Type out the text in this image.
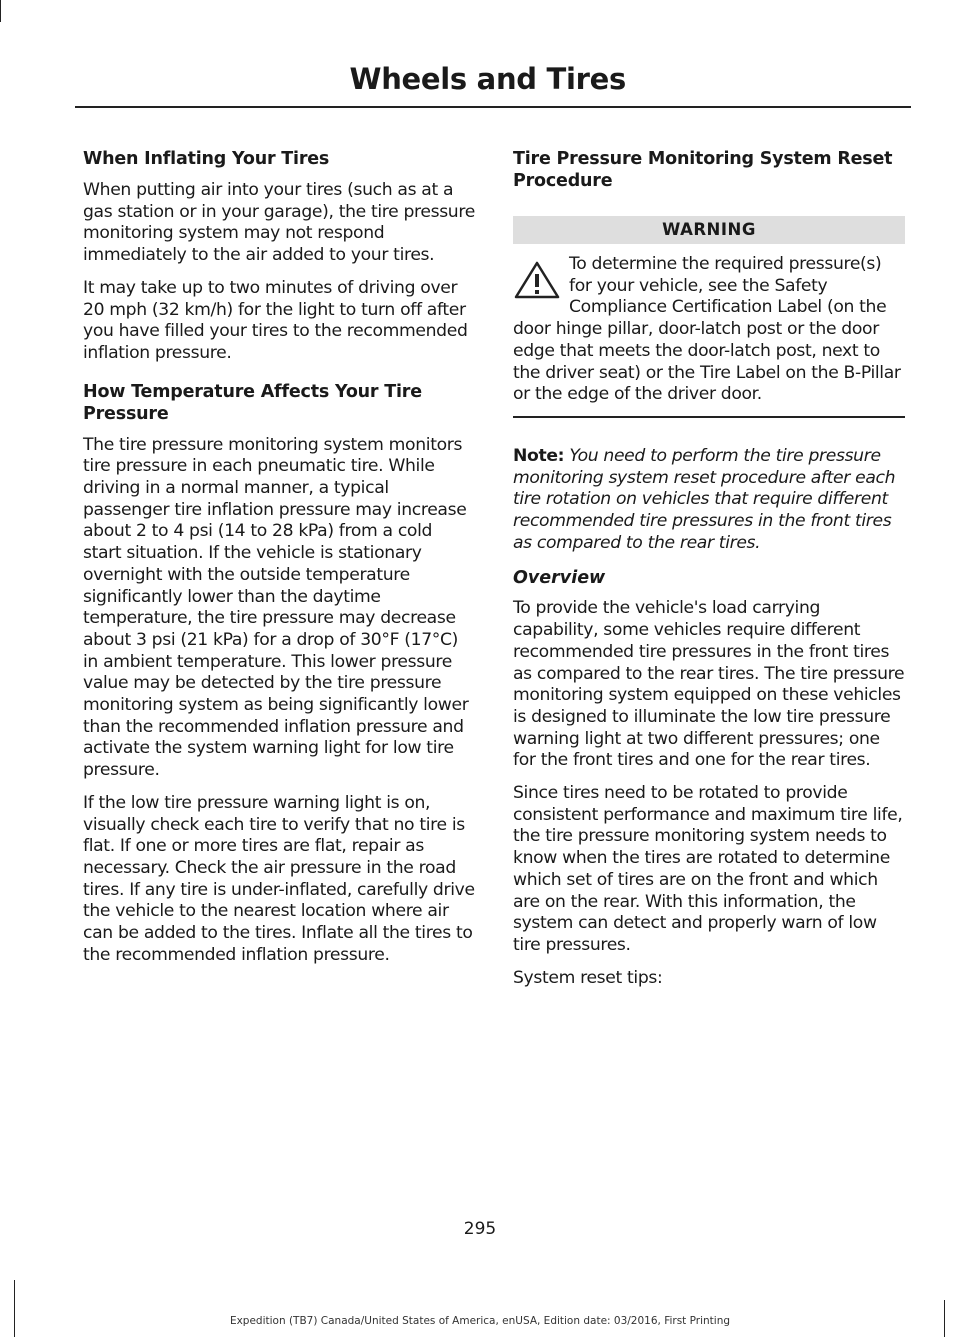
Wheels and Tires
When Inflating Your Tires

When putting air into your tires (such as at a gas station or in your garage), the tire pressure monitoring system may not respond immediately to the air added to your tires.

It may take up to two minutes of driving over 20 mph (32 km/h) for the light to turn off after you have filled your tires to the recommended inflation pressure.

How Temperature Affects Your Tire Pressure

The tire pressure monitoring system monitors tire pressure in each pneumatic tire. While driving in a normal manner, a typical passenger tire inflation pressure may increase about 2 to 4 psi (14 to 28 kPa) from a cold start situation. If the vehicle is stationary overnight with the outside temperature significantly lower than the daytime temperature, the tire pressure may decrease about 3 psi (21 kPa) for a drop of 30°F (17°C) in ambient temperature. This lower pressure value may be detected by the tire pressure monitoring system as being significantly lower than the recommended inflation pressure and activate the system warning light for low tire pressure.

If the low tire pressure warning light is on, visually check each tire to verify that no tire is flat. If one or more tires are flat, repair as necessary. Check the air pressure in the road tires. If any tire is under-inflated, carefully drive the vehicle to the nearest location where air can be added to the tires. Inflate all the tires to the recommended inflation pressure.

Tire Pressure Monitoring System Reset Procedure
WARNING

To determine the required pressure(s) for your vehicle, see the Safety Compliance Certification Label (on the door hinge pillar, door-latch post or the door edge that meets the door-latch post, next to the driver seat) or the Tire Label on the B-Pillar or the edge of the driver door.

Note: You need to perform the tire pressure monitoring system reset procedure after each tire rotation on vehicles that require different recommended tire pressures in the front tires as compared to the rear tires.

Overview

To provide the vehicle's load carrying capability, some vehicles require different recommended tire pressures in the front tires as compared to the rear tires. The tire pressure monitoring system equipped on these vehicles is designed to illuminate the low tire pressure warning light at two different pressures; one for the front tires and one for the rear tires.

Since tires need to be rotated to provide consistent performance and maximum tire life, the tire pressure monitoring system needs to know when the tires are rotated to determine which set of tires are on the front and which are on the rear. With this information, the system can detect and properly warn of low tire pressures.

System reset tips:

295
Expedition (TB7) Canada/United States of America, enUSA, Edition date: 03/2016, First Printing
